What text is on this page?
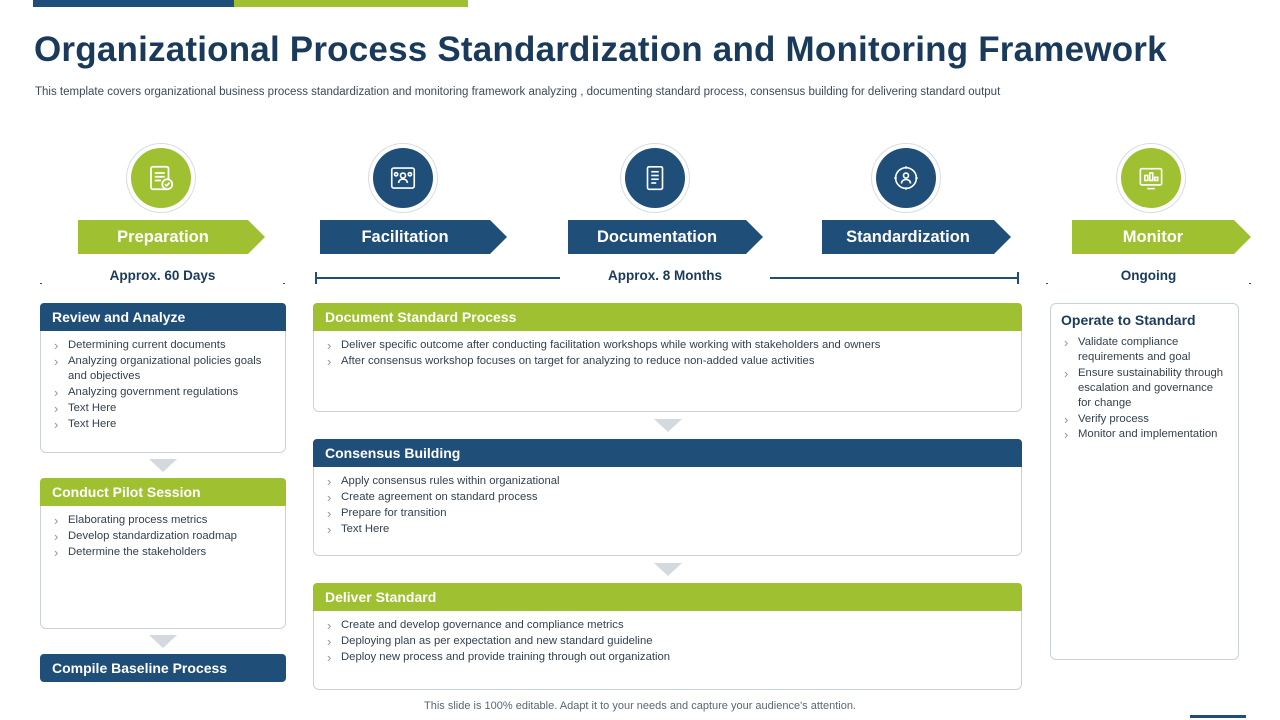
Organizational Process Standardization and Monitoring Framework
This template covers organizational business process standardization and monitoring framework analyzing , documenting standard process, consensus building for delivering standard output
Preparation	Facilitation	Documentation	Standardization	Monitor
Approx. 60 Days	Approx. 8 Months	Ongoing
Review and Analyze
› Determining current documents
› Analyzing organizational policies goals and objectives
› Analyzing government regulations
› Text Here
› Text Here
Conduct Pilot Session
› Elaborating process metrics
› Develop standardization roadmap
› Determine the stakeholders
Compile Baseline Process
Document Standard Process
› Deliver specific outcome after conducting facilitation workshops while working with stakeholders and owners
› After consensus workshop focuses on target for analyzing to reduce non-added value activities
Consensus Building
› Apply consensus rules within organizational
› Create agreement on standard process
› Prepare for transition
› Text Here
Deliver Standard
› Create and develop governance and compliance metrics
› Deploying plan as per expectation and new standard guideline
› Deploy new process and provide training through out organization
Operate to Standard
› Validate compliance requirements and goal
› Ensure sustainability through escalation and governance for change
› Verify process
› Monitor and implementation
This slide is 100% editable. Adapt it to your needs and capture your audience's attention.
